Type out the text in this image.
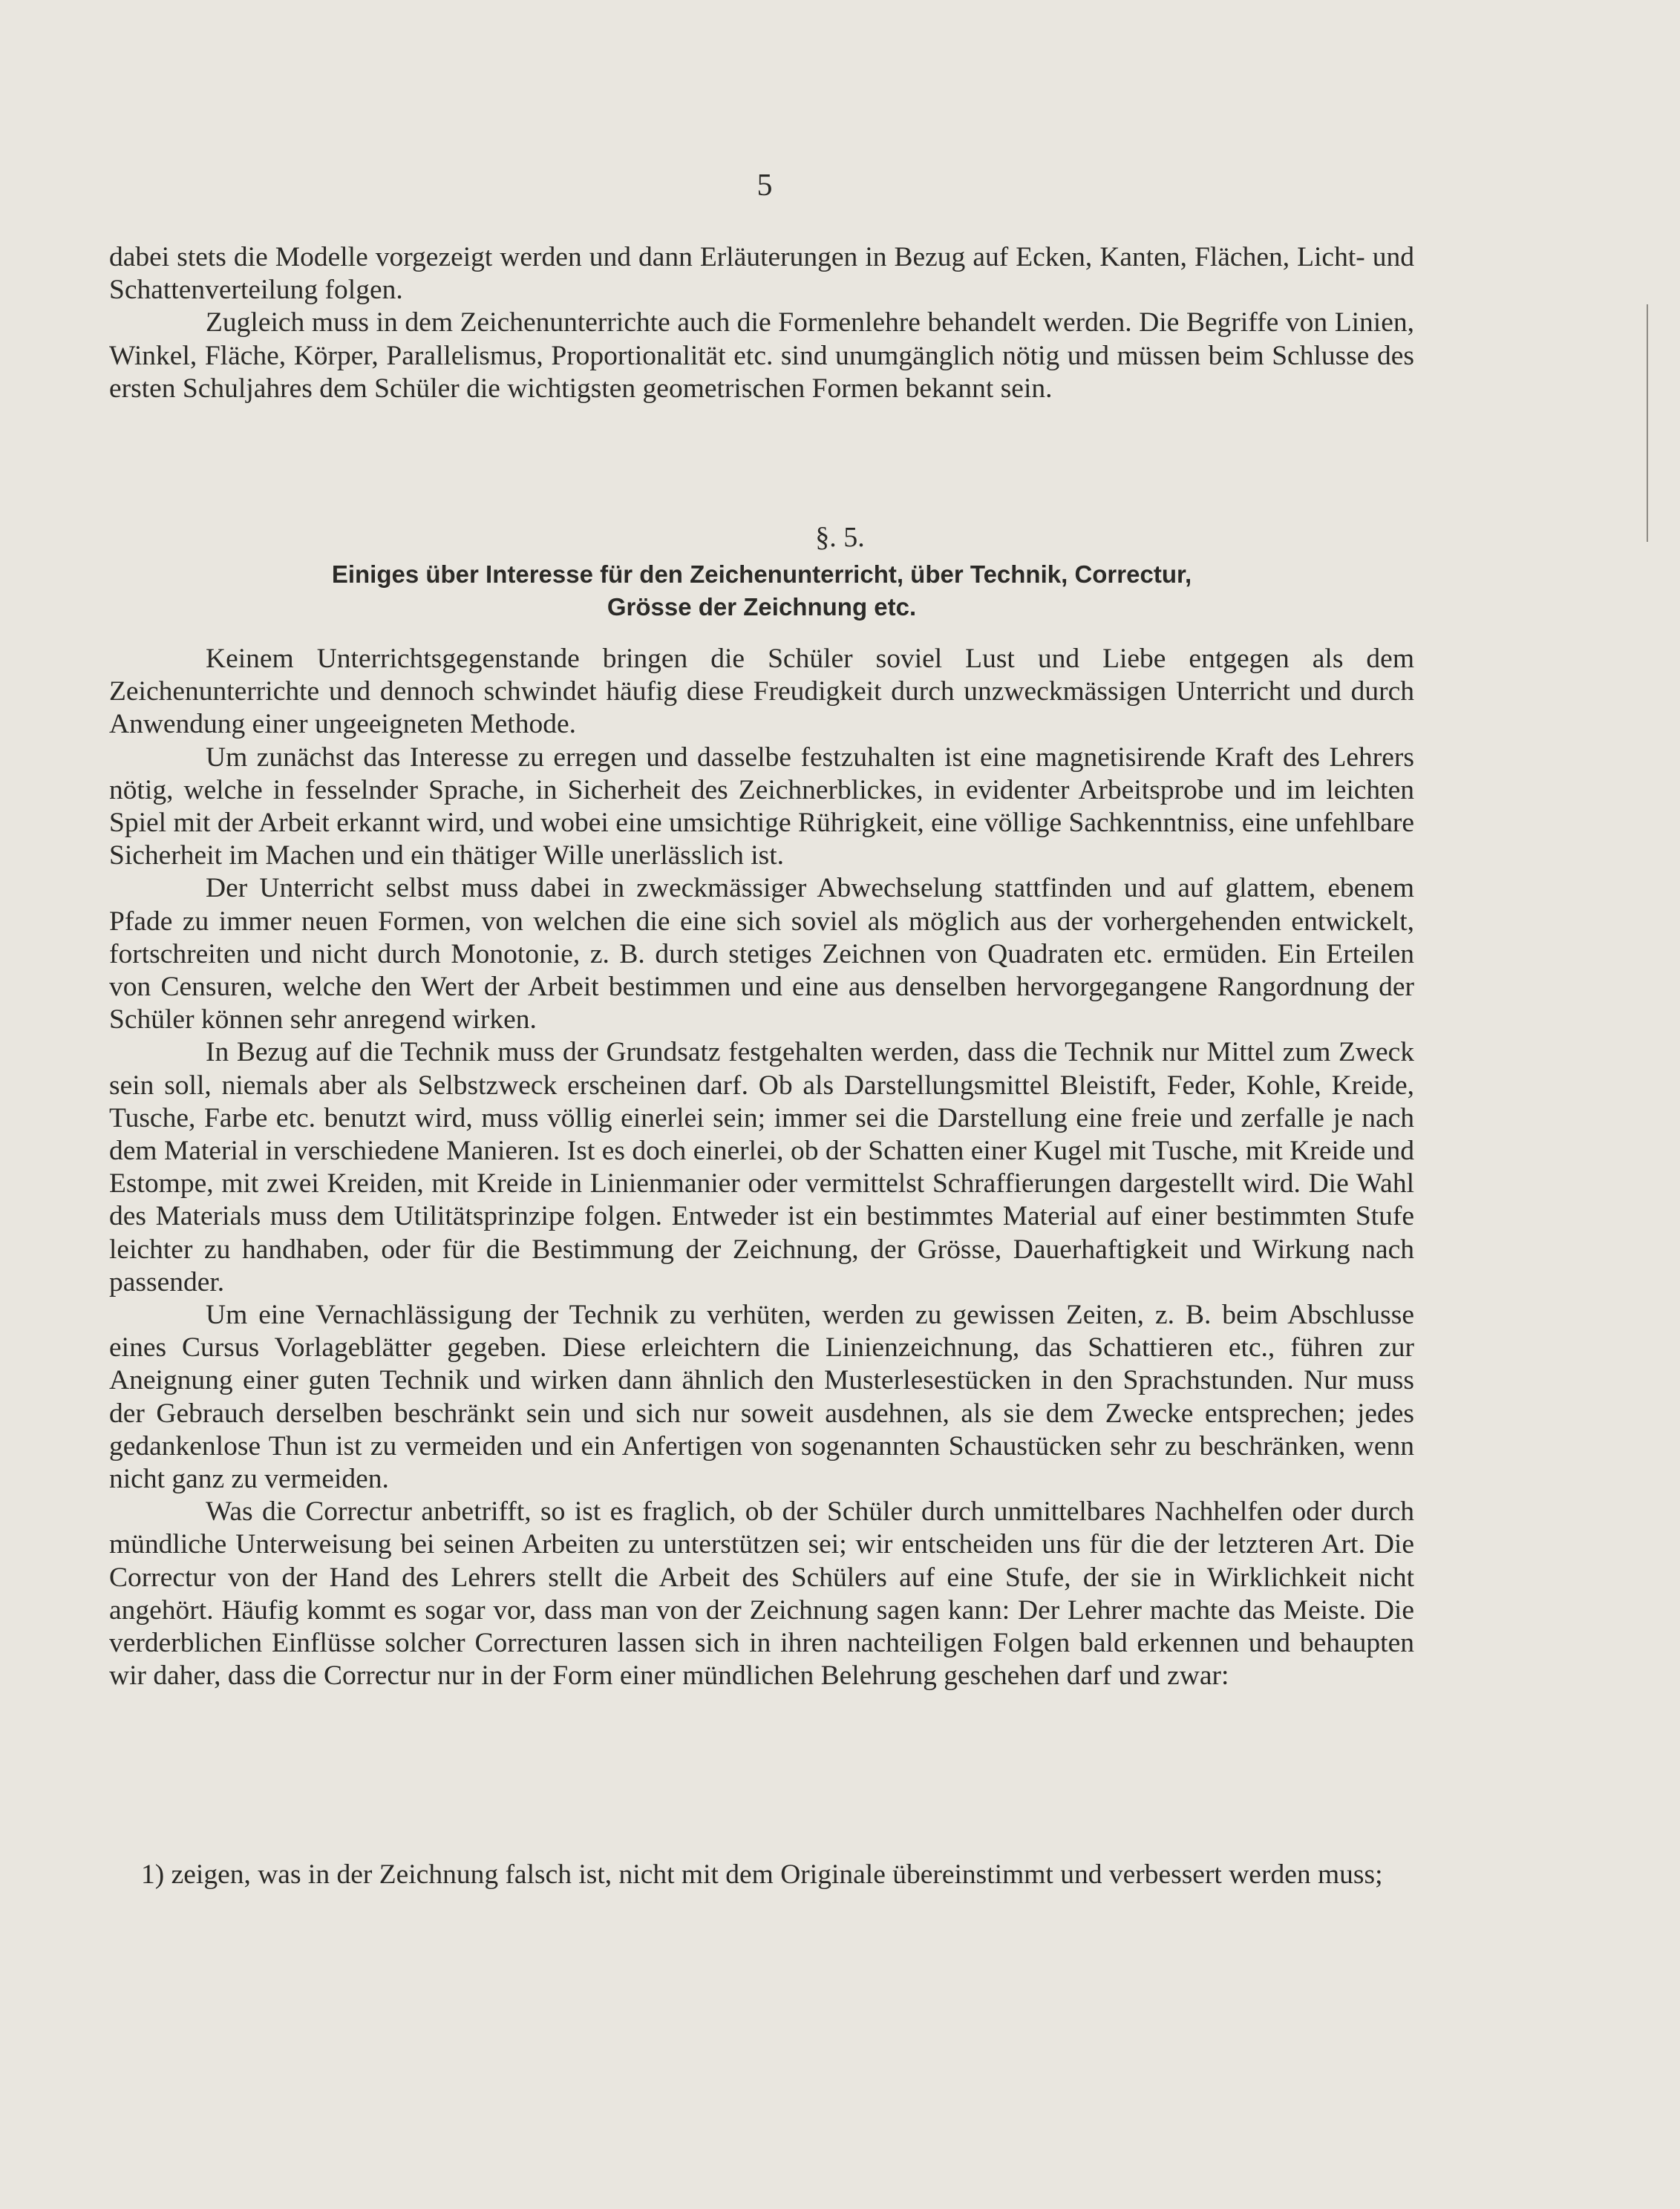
5

dabei stets die Modelle vorgezeigt werden und dann Erläuterungen in Bezug auf Ecken, Kanten, Flächen, Licht- und Schattenverteilung folgen.

Zugleich muss in dem Zeichenunterrichte auch die Formenlehre behandelt werden. Die Begriffe von Linien, Winkel, Fläche, Körper, Parallelismus, Proportionalität etc. sind unumgänglich nötig und müssen beim Schlusse des ersten Schuljahres dem Schüler die wichtigsten geometrischen Formen bekannt sein.

§. 5.
Einiges über Interesse für den Zeichenunterricht, über Technik, Correctur,
Grösse der Zeichnung etc.

Keinem Unterrichtsgegenstande bringen die Schüler soviel Lust und Liebe entgegen als dem Zeichenunterrichte und dennoch schwindet häufig diese Freudigkeit durch unzweckmässigen Unterricht und durch Anwendung einer ungeeigneten Methode.

Um zunächst das Interesse zu erregen und dasselbe festzuhalten ist eine magnetisirende Kraft des Lehrers nötig, welche in fesselnder Sprache, in Sicherheit des Zeichnerblickes, in evidenter Arbeitsprobe und im leichten Spiel mit der Arbeit erkannt wird, und wobei eine umsichtige Rührigkeit, eine völlige Sachkenntniss, eine unfehlbare Sicherheit im Machen und ein thätiger Wille unerlässlich ist.

Der Unterricht selbst muss dabei in zweckmässiger Abwechselung stattfinden und auf glattem, ebenem Pfade zu immer neuen Formen, von welchen die eine sich soviel als möglich aus der vorhergehenden entwickelt, fortschreiten und nicht durch Monotonie, z. B. durch stetiges Zeichnen von Quadraten etc. ermüden. Ein Erteilen von Censuren, welche den Wert der Arbeit bestimmen und eine aus denselben hervorgegangene Rangordnung der Schüler können sehr anregend wirken.

In Bezug auf die Technik muss der Grundsatz festgehalten werden, dass die Technik nur Mittel zum Zweck sein soll, niemals aber als Selbstzweck erscheinen darf. Ob als Darstellungsmittel Bleistift, Feder, Kohle, Kreide, Tusche, Farbe etc. benutzt wird, muss völlig einerlei sein; immer sei die Darstellung eine freie und zerfalle je nach dem Material in verschiedene Manieren. Ist es doch einerlei, ob der Schatten einer Kugel mit Tusche, mit Kreide und Estompe, mit zwei Kreiden, mit Kreide in Linienmanier oder vermittelst Schraffierungen dargestellt wird. Die Wahl des Materials muss dem Utilitätsprinzipe folgen. Entweder ist ein bestimmtes Material auf einer bestimmten Stufe leichter zu handhaben, oder für die Bestimmung der Zeichnung, der Grösse, Dauerhaftigkeit und Wirkung nach passender.

Um eine Vernachlässigung der Technik zu verhüten, werden zu gewissen Zeiten, z. B. beim Abschlusse eines Cursus Vorlageblätter gegeben. Diese erleichtern die Linienzeichnung, das Schattieren etc., führen zur Aneignung einer guten Technik und wirken dann ähnlich den Musterlesestücken in den Sprachstunden. Nur muss der Gebrauch derselben beschränkt sein und sich nur soweit ausdehnen, als sie dem Zwecke entsprechen; jedes gedankenlose Thun ist zu vermeiden und ein Anfertigen von sogenannten Schaustücken sehr zu beschränken, wenn nicht ganz zu vermeiden.

Was die Correctur anbetrifft, so ist es fraglich, ob der Schüler durch unmittelbares Nachhelfen oder durch mündliche Unterweisung bei seinen Arbeiten zu unterstützen sei; wir entscheiden uns für die der letzteren Art. Die Correctur von der Hand des Lehrers stellt die Arbeit des Schülers auf eine Stufe, der sie in Wirklichkeit nicht angehört. Häufig kommt es sogar vor, dass man von der Zeichnung sagen kann: Der Lehrer machte das Meiste. Die verderblichen Einflüsse solcher Correcturen lassen sich in ihren nachteiligen Folgen bald erkennen und behaupten wir daher, dass die Correctur nur in der Form einer mündlichen Belehrung geschehen darf und zwar:

1) zeigen, was in der Zeichnung falsch ist, nicht mit dem Originale übereinstimmt und verbessert werden muss;
